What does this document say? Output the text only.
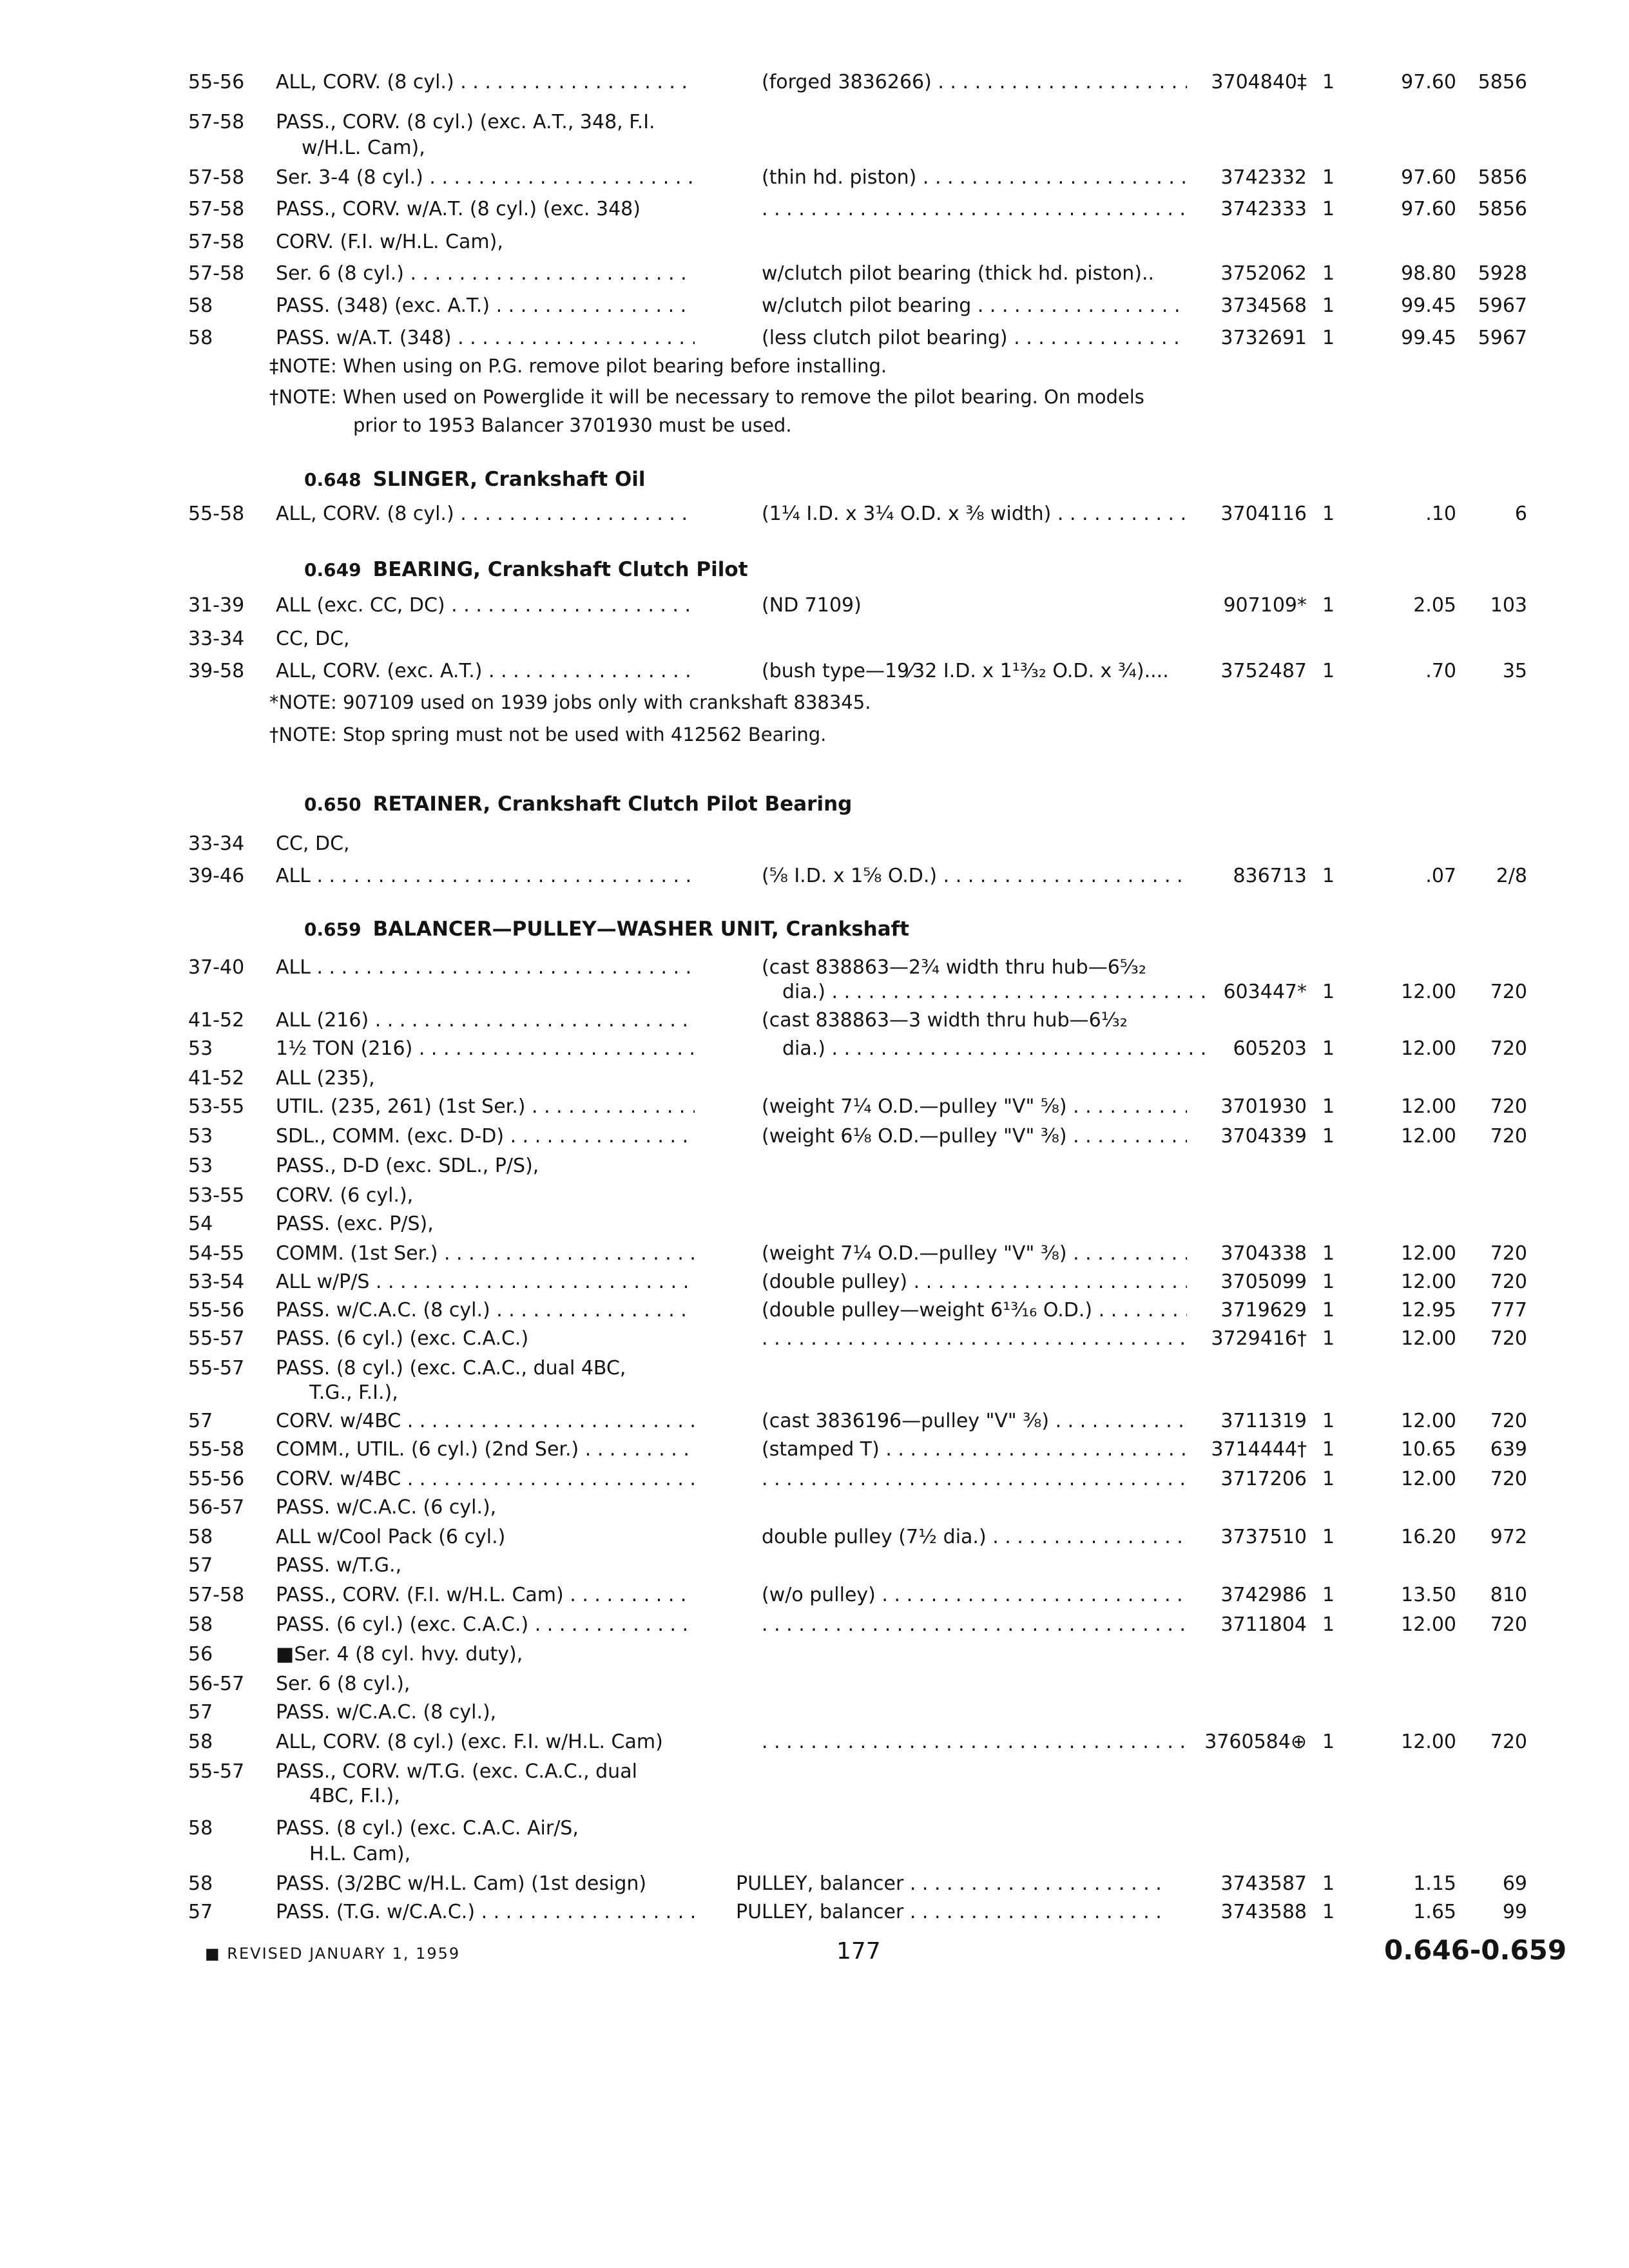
55-56 ALL, CORV. (8 cyl.) . . .	(forged 3836266) . . .	3704840‡ 1	97.60 5856
57-58 PASS., CORV. (8 cyl.) (exc. A.T., 348, F.I.
w/H.L. Cam),
57-58 Ser. 3-4 (8 cyl.) . . .	(thin hd. piston) . . .	3742332 1	97.60 5856
57-58 PASS., CORV. w/A.T. (8 cyl.) (exc. 348) . . .	3742333 1	97.60 5856
57-58 CORV. (F.I. w/H.L. Cam),
57-58 Ser. 6 (8 cyl.) . . .	w/clutch pilot bearing (thick hd. piston)..	3752062 1	98.80 5928
58	PASS. (348) (exc. A.T.) . . .	w/clutch pilot bearing . . .	3734568 1	99.45 5967
58	PASS. w/A.T. (348) . . .	(less clutch pilot bearing) . . .	3732691 1	99.45 5967
‡NOTE: When using on P.G. remove pilot bearing before installing.
†NOTE: When used on Powerglide it will be necessary to remove the pilot bearing. On models
prior to 1953 Balancer 3701930 must be used.
0.648 SLINGER, Crankshaft Oil
55-58 ALL, CORV. (8 cyl.) . . .	(1¼ I.D. x 3¼ O.D. x ⅜ width) . . .	3704116 1	.10	6
0.649 BEARING, Crankshaft Clutch Pilot
31-39 ALL (exc. CC, DC) . . .	(ND 7109)	907109* 1	2.05	103
33-34 CC, DC,
39-58 ALL, CORV. (exc. A.T.) . . .	(bush type—19⁄32 I.D. x 1¹³⁄₃₂ O.D. x ¾)....	3752487 1	.70	35
*NOTE: 907109 used on 1939 jobs only with crankshaft 838345.
†NOTE: Stop spring must not be used with 412562 Bearing.
0.650 RETAINER, Crankshaft Clutch Pilot Bearing
33-34 CC, DC,
39-46 ALL . . .	(⅝ I.D. x 1⅝ O.D.) . . .	836713 1	.07	2/8
0.659 BALANCER—PULLEY—WASHER UNIT, Crankshaft
37-40 ALL . . .	(cast 838863—2¾ width thru hub—6⁵⁄₃₂
dia.) . . .	603447* 1	12.00	720
41-52 ALL (216) . . .	(cast 838863—3 width thru hub—6¹⁄₃₂
53	1½ TON (216) . . .	dia.) . . .	605203 1	12.00	720
41-52 ALL (235),
53-55 UTIL. (235, 261) (1st Ser.) . . .	(weight 7¼ O.D.—pulley "V" ⅝) . . .	3701930 1	12.00	720
53	SDL., COMM. (exc. D-D) . . .	(weight 6⅛ O.D.—pulley "V" ⅜) . . .	3704339 1	12.00	720
53	PASS., D-D (exc. SDL., P/S),
53-55 CORV. (6 cyl.),
54	PASS. (exc. P/S),
54-55 COMM. (1st Ser.) . . .	(weight 7¼ O.D.—pulley "V" ⅜) . . .	3704338 1	12.00	720
53-54 ALL w/P/S . . .	(double pulley) . . .	3705099 1	12.00	720
55-56 PASS. w/C.A.C. (8 cyl.) . . .	(double pulley—weight 6¹³⁄₁₆ O.D.) . . .	3719629 1	12.95	777
55-57 PASS. (6 cyl.) (exc. C.A.C.) . . .	3729416† 1	12.00	720
55-57 PASS. (8 cyl.) (exc. C.A.C., dual 4BC,
T.G., F.I.),
57	CORV. w/4BC . . .	(cast 3836196—pulley "V" ⅜) . . .	3711319 1	12.00	720
55-58 COMM., UTIL. (6 cyl.) (2nd Ser.) . . .	(stamped T) . . .	3714444† 1	10.65	639
55-56 CORV. w/4BC . . . . . .	3717206 1	12.00	720
56-57 PASS. w/C.A.C. (6 cyl.),
58	ALL w/Cool Pack (6 cyl.)	double pulley (7½ dia.) . . .	3737510 1	16.20	972
57	PASS. w/T.G.,
57-58 PASS., CORV. (F.I. w/H.L. Cam) . . .	(w/o pulley) . . .	3742986 1	13.50	810
58	PASS. (6 cyl.) (exc. C.A.C.) . . . . . .	3711804 1	12.00	720
56	■Ser. 4 (8 cyl. hvy. duty),
56-57 Ser. 6 (8 cyl.),
57	PASS. w/C.A.C. (8 cyl.),
58	ALL, CORV. (8 cyl.) (exc. F.I. w/H.L. Cam) . . .	3760584⊕ 1	12.00	720
55-57 PASS., CORV. w/T.G. (exc. C.A.C., dual
4BC, F.I.),
58	PASS. (8 cyl.) (exc. C.A.C. Air/S,
H.L. Cam),
58	PASS. (3/2BC w/H.L. Cam) (1st design)	PULLEY, balancer . . .	3743587 1	1.15	69
57	PASS. (T.G. w/C.A.C.) . . .	PULLEY, balancer . . .	3743588 1	1.65	99
■ REVISED JANUARY 1, 1959	177	0.646-0.659
